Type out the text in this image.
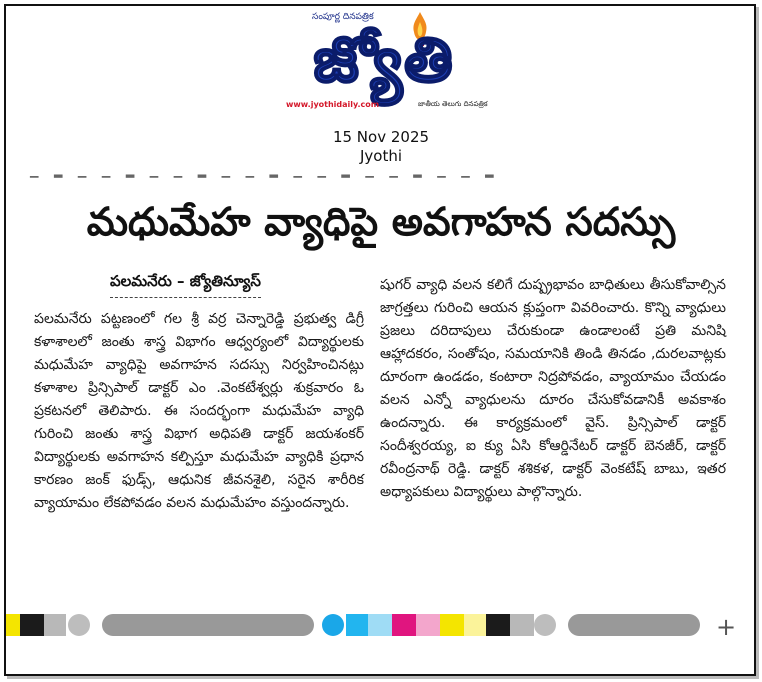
సంపూర్ణ దినపత్రిక
జ్యోతి
www.jyothidaily.com	జాతీయ తెలుగు దినపత్రిక
15 Nov 2025
Jyothi
▁ ▂ ▁ ▁ ▂ ▁ ▁ ▂ ▁ ▁ ▂ ▁ ▁ ▂ ▁ ▁ ▂ ▁ ▁ ▂
మధుమేహ వ్యాధిపై అవగాహన సదస్సు
పలమనేరు – జ్యోతిన్యూస్
పలమనేరు పట్టణంలో గల శ్రీ వర్ర చెన్నారెడ్డి ప్రభుత్వ డిగ్రీ కళాశాలలో జంతు శాస్త్ర విభాగం ఆధ్వర్యంలో విద్యార్థులకు మధుమేహ వ్యాధిపై అవగాహన సదస్సు నిర్వహించినట్లు కళాశాల ప్రిన్సిపాల్ డాక్టర్ ఎం .వెంకటేశ్వర్లు శుక్రవారం ఓ ప్రకటనలో తెలిపారు. ఈ సందర్భంగా మధుమేహ వ్యాధి గురించి జంతు శాస్త్ర విభాగ అధిపతి డాక్టర్ జయశంకర్ విద్యార్థులకు అవగాహన కల్పిస్తూ మధుమేహ వ్యాధికి ప్రధాన కారణం జంక్ ఫుడ్స్, ఆధునిక జీవనశైలి, సరైన శారీరిక వ్యాయామం లేకపోవడం వలన మధుమేహం వస్తుందన్నారు.
షుగర్ వ్యాధి వలన కలిగే దుష్ప్రభావం బాధితులు తీసుకోవాల్సిన జాగ్రత్తలు గురించి ఆయన క్లుప్తంగా వివరించారు. కొన్ని వ్యాధులు ప్రజలు దరిదాపులు చేరుకుండా ఉండాలంటే ప్రతి మనిషి ఆహ్లాదకరం, సంతోషం, సమయానికి తిండి తినడం ,దురలవాట్లకు దూరంగా ఉండడం, కంటారా నిద్రపోవడం, వ్యాయామం చేయడం వలన ఎన్నో వ్యాధులను దూరం చేసుకోవడానికీ అవకాశం ఉందన్నారు. ఈ కార్యక్రమంలో వైస్. ప్రిన్సిపాల్ డాక్టర్ సందీశ్వరయ్య, ఐ క్యు ఏసి కోఆర్డినేటర్ డాక్టర్ బెనజీర్, డాక్టర్ రవీంద్రనాథ్ రెడ్డి. డాక్టర్ శశికళ, డాక్టర్ వెంకటేష్ బాబు, ఇతర అధ్యాపకులు విద్యార్థులు పాల్గొన్నారు.
+
